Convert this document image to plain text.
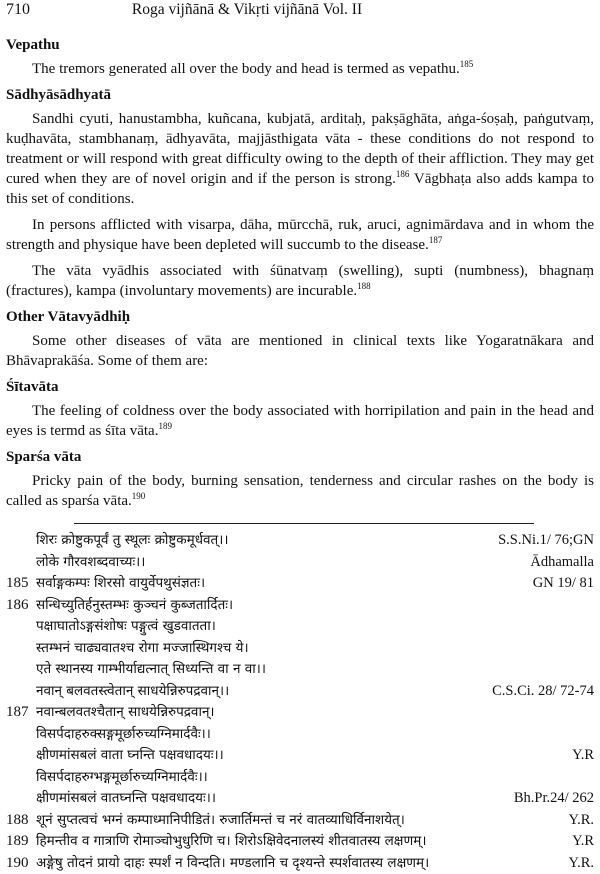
710	Roga vijñānā & Vikṛti vijñānā Vol. II
Vepathu

The tremors generated all over the body and head is termed as vepathu.$^{185}$

Sādhyāsādhyatā

Sandhi cyuti, hanustambha, kuñcana, kubjatā, arditaḥ, pakṣāghāta, aṅga-śoṣaḥ, paṅgutvaṃ, kuḍhavāta, stambhanaṃ, ādhyavāta, majjāsthigata vāta - these conditions do not respond to treatment or will respond with great difficulty owing to the depth of their affliction. They may get cured when they are of novel origin and if the person is strong.$^{186}$ Vāgbhaṭa also adds kampa to this set of conditions.

In persons afflicted with visarpa, dāha, mūrcchā, ruk, aruci, agnimārdava and in whom the strength and physique have been depleted will succumb to the disease.$^{187}$

The vāta vyādhis associated with śūnatvaṃ (swelling), supti (numbness), bhagnaṃ (fractures), kampa (involuntary movements) are incurable.$^{188}$

Other Vātavyādhiḥ

Some other diseases of vāta are mentioned in clinical texts like Yogaratnākara and Bhāvaprakāśa. Some of them are:

Śītavāta

The feeling of coldness over the body associated with horripilation and pain in the head and eyes is termd as śīta vāta.$^{189}$

Sparśa vāta

Pricky pain of the body, burning sensation, tenderness and circular rashes on the body is called as sparśa vāta.$^{190}$

शिरः क्रोष्टुकपूर्वं तु स्थूलः क्रोष्टुकमूर्धवत्।।	S.S.Ni.1/ 76;GN
लोके गौरवशब्दवाच्यः।।	Ādhamalla
185 सर्वाङ्गकम्पः शिरसो वायुर्वेपथुसंज्ञतः।	GN 19/ 81
186 सन्धिच्युतिर्हनुस्तम्भः कुञ्चनं कुब्जतार्दितः।
पक्षाघातोऽङ्गसंशोषः पङ्गुत्वं खुडवातता।
स्तम्भनं चाढ्यवातश्च रोगा मज्जास्थिगश्च ये।
एते स्थानस्य गाम्भीर्याद्यत्नात् सिध्यन्ति वा न वा।।
नवान् बलवतस्त्वेतान् साधयेन्निरुपद्रवान्।।	C.S.Ci. 28/ 72-74
187 नवान्बलवतश्चैतान् साधयेन्निरुपद्रवान्।
विसर्पदाहरुक्सङ्गमूर्छारुच्यग्निमार्दवैः।।
क्षीणमांसबलं वाता घ्नन्ति पक्षवधादयः।।	Y.R
विसर्पदाहरुग्भङ्गमूर्छारुच्यग्निमार्दवैः।।
क्षीणमांसबलं वातघ्नन्ति पक्षवधादयः।।	Bh.Pr.24/ 262
188 शूनं सुप्तत्वचं भग्नं कम्पाध्मानिपीडितं। रुजार्तिमन्तं च नरं वातव्याधिर्विनाशयेत्।	Y.R.
189 हिमन्तीव व गात्राणि रोमाञ्चोभुधुरिणि च। शिरोऽक्षिवेदनालस्यं शीतवातस्य लक्षणम्।	Y.R
190 अङ्गेषु तोदनं प्रायो दाहः स्पर्शं न विन्दति। मण्डलानि च दृश्यन्ते स्पर्शवातस्य लक्षणम्।	Y.R.
